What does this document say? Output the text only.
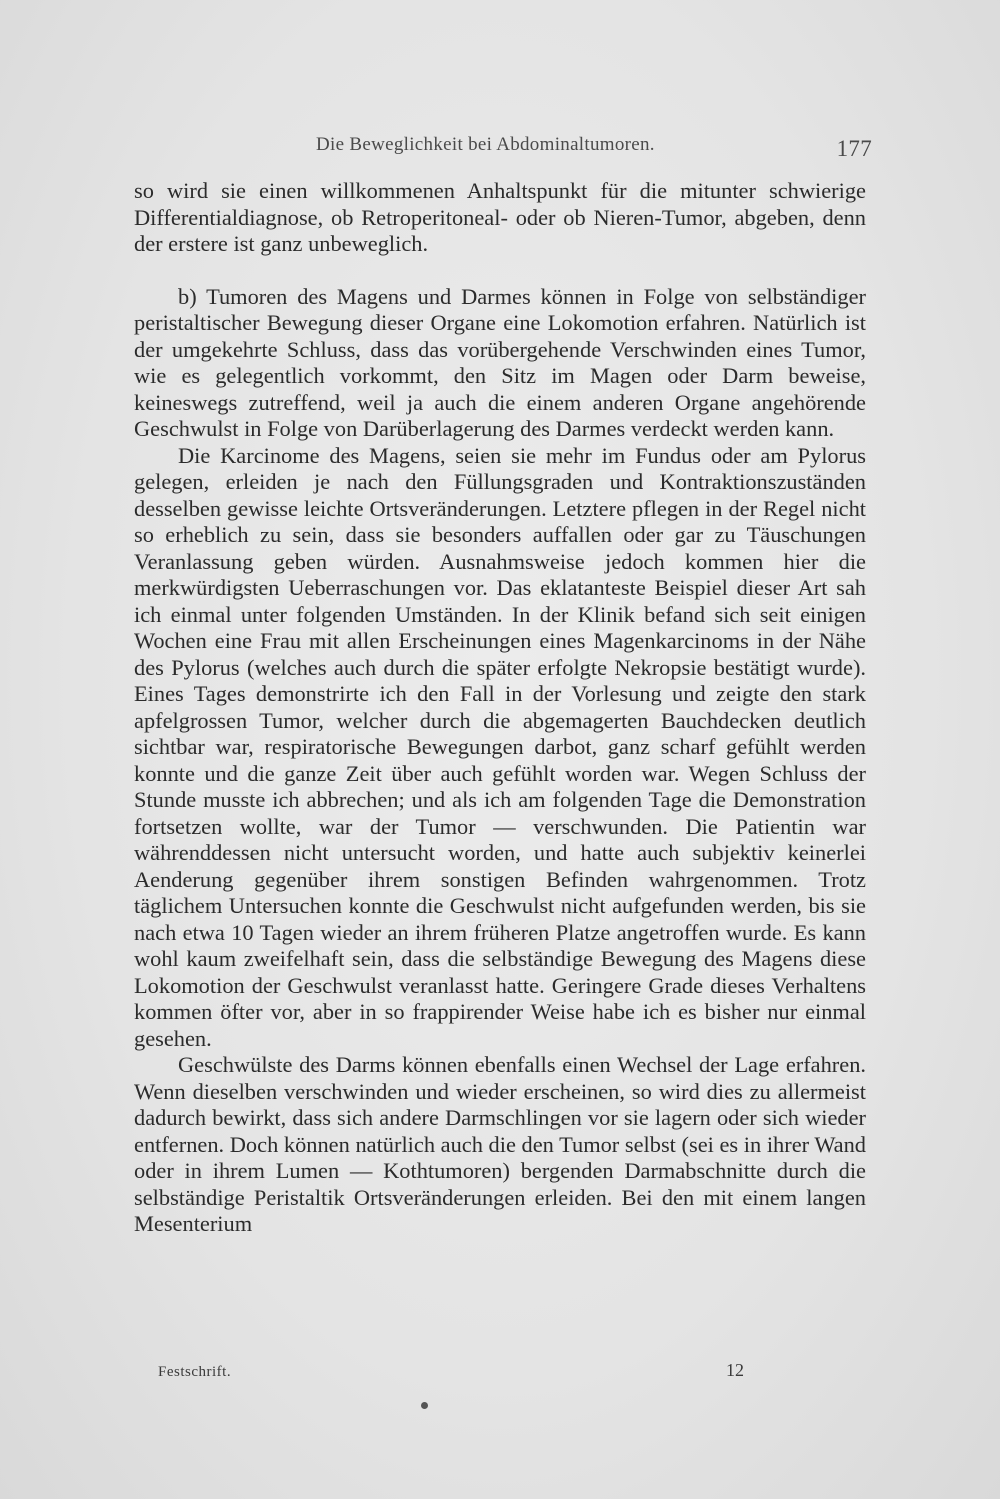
Die Beweglichkeit bei Abdominaltumoren.	177

so wird sie einen willkommenen Anhaltspunkt für die mitunter schwierige Differentialdiagnose, ob Retroperitoneal- oder ob Nieren-Tumor, abgeben, denn der erstere ist ganz unbeweglich.

b) Tumoren des Magens und Darmes können in Folge von selbständiger peristaltischer Bewegung dieser Organe eine Lokomotion erfahren. Natürlich ist der umgekehrte Schluss, dass das vorübergehende Verschwinden eines Tumor, wie es gelegentlich vorkommt, den Sitz im Magen oder Darm beweise, keineswegs zutreffend, weil ja auch die einem anderen Organe angehörende Geschwulst in Folge von Darüberlagerung des Darmes verdeckt werden kann.

Die Karcinome des Magens, seien sie mehr im Fundus oder am Pylorus gelegen, erleiden je nach den Füllungsgraden und Kontraktionszuständen desselben gewisse leichte Ortsveränderungen. Letztere pflegen in der Regel nicht so erheblich zu sein, dass sie besonders auffallen oder gar zu Täuschungen Veranlassung geben würden. Ausnahmsweise jedoch kommen hier die merkwürdigsten Ueberraschungen vor. Das eklatanteste Beispiel dieser Art sah ich einmal unter folgenden Umständen. In der Klinik befand sich seit einigen Wochen eine Frau mit allen Erscheinungen eines Magenkarcinoms in der Nähe des Pylorus (welches auch durch die später erfolgte Nekropsie bestätigt wurde). Eines Tages demonstrirte ich den Fall in der Vorlesung und zeigte den stark apfelgrossen Tumor, welcher durch die abgemagerten Bauchdecken deutlich sichtbar war, respiratorische Bewegungen darbot, ganz scharf gefühlt werden konnte und die ganze Zeit über auch gefühlt worden war. Wegen Schluss der Stunde musste ich abbrechen; und als ich am folgenden Tage die Demonstration fortsetzen wollte, war der Tumor — verschwunden. Die Patientin war währenddessen nicht untersucht worden, und hatte auch subjektiv keinerlei Aenderung gegenüber ihrem sonstigen Befinden wahrgenommen. Trotz täglichem Untersuchen konnte die Geschwulst nicht aufgefunden werden, bis sie nach etwa 10 Tagen wieder an ihrem früheren Platze angetroffen wurde. Es kann wohl kaum zweifelhaft sein, dass die selbständige Bewegung des Magens diese Lokomotion der Geschwulst veranlasst hatte. Geringere Grade dieses Verhaltens kommen öfter vor, aber in so frappirender Weise habe ich es bisher nur einmal gesehen.

Geschwülste des Darms können ebenfalls einen Wechsel der Lage erfahren. Wenn dieselben verschwinden und wieder erscheinen, so wird dies zu allermeist dadurch bewirkt, dass sich andere Darmschlingen vor sie lagern oder sich wieder entfernen. Doch können natürlich auch die den Tumor selbst (sei es in ihrer Wand oder in ihrem Lumen — Kothtumoren) bergenden Darmabschnitte durch die selbständige Peristaltik Ortsveränderungen erleiden. Bei den mit einem langen Mesenterium

Festschrift.	12
